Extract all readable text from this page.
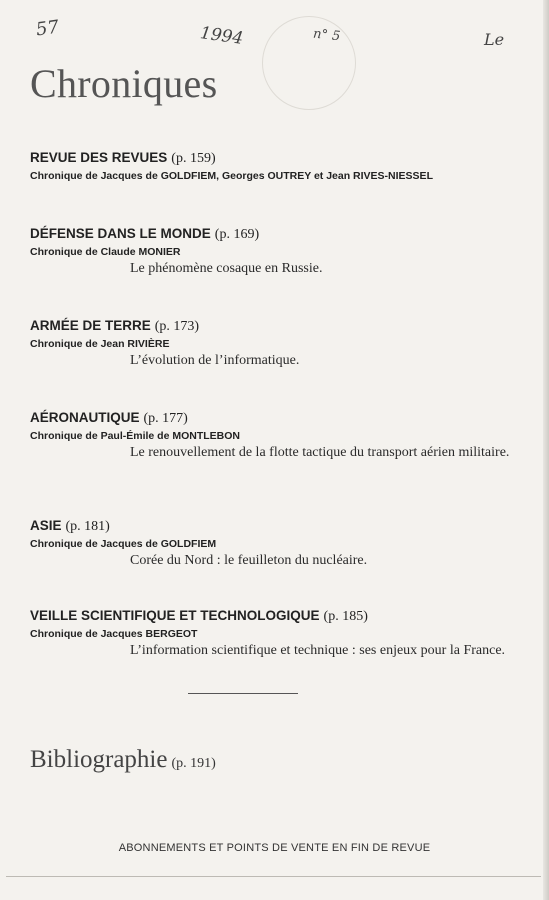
57	1994	n° 5	Le
Chroniques
REVUE DES REVUES (p. 159)
Chronique de Jacques de GOLDFIEM, Georges OUTREY et Jean RIVES-NIESSEL
DÉFENSE DANS LE MONDE (p. 169)
Chronique de Claude MONIER
Le phénomène cosaque en Russie.
ARMÉE DE TERRE (p. 173)
Chronique de Jean RIVIÈRE
L’évolution de l’informatique.
AÉRONAUTIQUE (p. 177)
Chronique de Paul-Émile de MONTLEBON
Le renouvellement de la flotte tactique du transport aérien militaire.
ASIE (p. 181)
Chronique de Jacques de GOLDFIEM
Corée du Nord : le feuilleton du nucléaire.
VEILLE SCIENTIFIQUE ET TECHNOLOGIQUE (p. 185)
Chronique de Jacques BERGEOT
L’information scientifique et technique : ses enjeux pour la France.
Bibliographie (p. 191)
ABONNEMENTS ET POINTS DE VENTE EN FIN DE REVUE
